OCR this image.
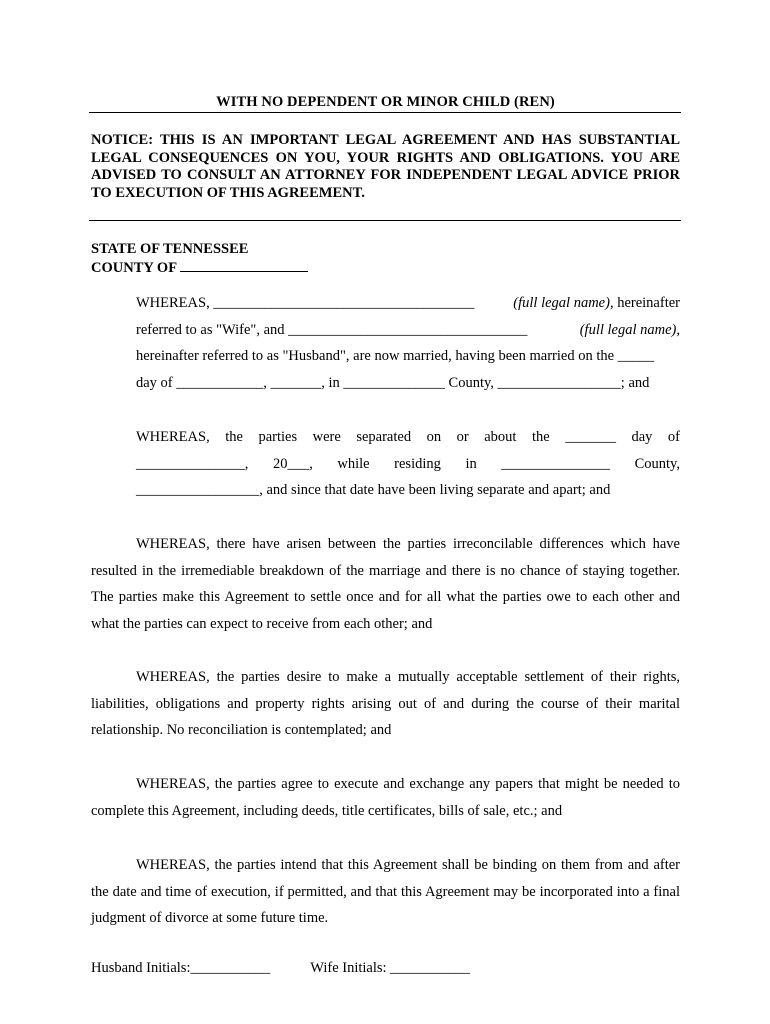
WITH NO DEPENDENT OR MINOR CHILD (REN)
NOTICE: THIS IS AN IMPORTANT LEGAL AGREEMENT AND HAS SUBSTANTIAL LEGAL CONSEQUENCES ON YOU, YOUR RIGHTS AND OBLIGATIONS. YOU ARE ADVISED TO CONSULT AN ATTORNEY FOR INDEPENDENT LEGAL ADVICE PRIOR TO EXECUTION OF THIS AGREEMENT.
STATE OF TENNESSEE
COUNTY OF
WHEREAS, ____________________________________	(full legal name), hereinafter
referred to as "Wife", and _________________________________	(full legal name),
hereinafter referred to as "Husband", are now married, having been married on the _____
day of ____________, _______, in ______________ County, _________________; and
WHEREAS, the parties were separated on or about the _______ day of
_______________, 20___, while residing in _______________ County,
_________________, and since that date have been living separate and apart; and

WHEREAS, there have arisen between the parties irreconcilable differences which have resulted in the irremediable breakdown of the marriage and there is no chance of staying together. The parties make this Agreement to settle once and for all what the parties owe to each other and what the parties can expect to receive from each other; and

WHEREAS, the parties desire to make a mutually acceptable settlement of their rights, liabilities, obligations and property rights arising out of and during the course of their marital relationship. No reconciliation is contemplated; and

WHEREAS, the parties agree to execute and exchange any papers that might be needed to complete this Agreement, including deeds, title certificates, bills of sale, etc.; and

WHEREAS, the parties intend that this Agreement shall be binding on them from and after the date and time of execution, if permitted, and that this Agreement may be incorporated into a final judgment of divorce at some future time.

Husband Initials:___________	Wife Initials: ___________
